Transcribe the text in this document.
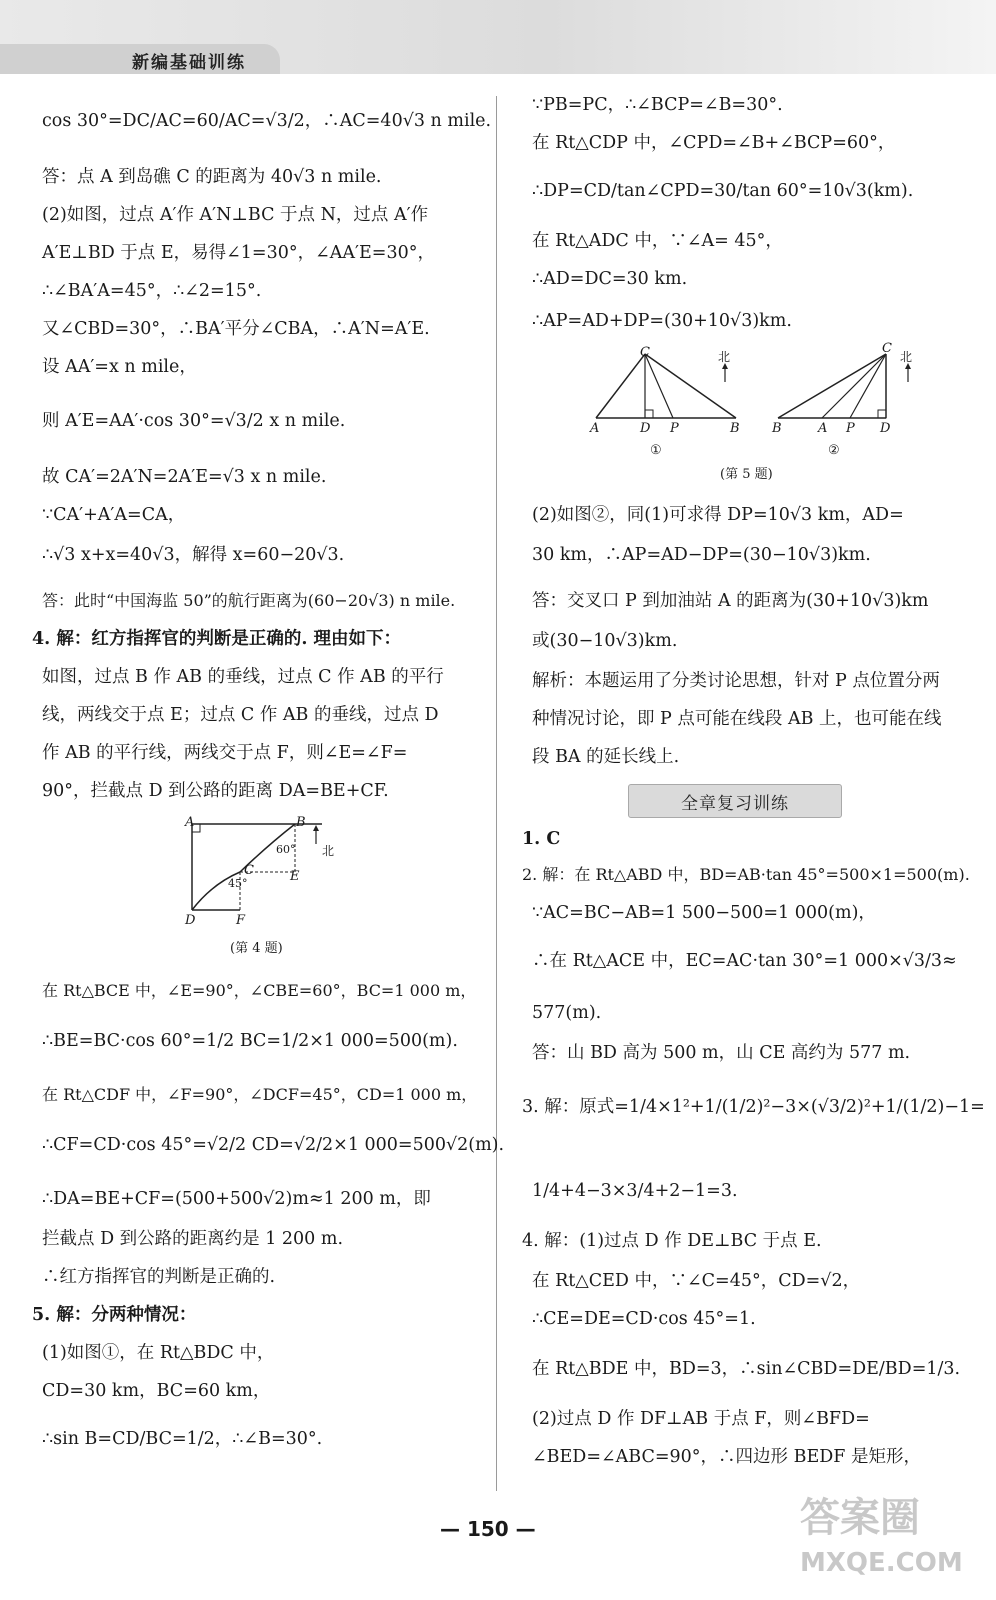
新编基础训练
cos 30°=DC/AC=60/AC=√3/2，∴AC=40√3 n mile.
答：点 A 到岛礁 C 的距离为 40√3 n mile.
(2)如图，过点 A′作 A′N⊥BC 于点 N，过点 A′作
A′E⊥BD 于点 E，易得∠1=30°，∠AA′E=30°，
∴∠BA′A=45°，∴∠2=15°.
又∠CBD=30°，∴BA′平分∠CBA，∴A′N=A′E.
设 AA′=x n mile，
则 A′E=AA′·cos 30°=√3/2 x n mile.
故 CA′=2A′N=2A′E=√3 x n mile.
∵CA′+A′A=CA，
∴√3 x+x=40√3，解得 x=60−20√3.
答：此时“中国海监 50”的航行距离为(60−20√3) n mile.
4. 解：红方指挥官的判断是正确的. 理由如下：
如图，过点 B 作 AB 的垂线，过点 C 作 AB 的平行
线，两线交于点 E；过点 C 作 AB 的垂线，过点 D
作 AB 的平行线，两线交于点 F，则∠E=∠F=
90°，拦截点 D 到公路的距离 DA=BE+CF.
A	B
C
D
E
F
60°
45°
北
(第 4 题)
在 Rt△BCE 中，∠E=90°，∠CBE=60°，BC=1 000 m，
∴BE=BC·cos 60°=1/2 BC=1/2×1 000=500(m).
在 Rt△CDF 中，∠F=90°，∠DCF=45°，CD=1 000 m，
∴CF=CD·cos 45°=√2/2 CD=√2/2×1 000=500√2(m).
∴DA=BE+CF=(500+500√2)m≈1 200 m，即
拦截点 D 到公路的距离约是 1 200 m.
∴红方指挥官的判断是正确的.
5. 解：分两种情况：
(1)如图①，在 Rt△BDC 中，
CD=30 km，BC=60 km，
∴sin B=CD/BC=1/2，∴∠B=30°.
∵PB=PC，∴∠BCP=∠B=30°.
在 Rt△CDP 中，∠CPD=∠B+∠BCP=60°，
∴DP=CD/tan∠CPD=30/tan 60°=10√3(km).
在 Rt△ADC 中，∵∠A= 45°，
∴AD=DC=30 km.
∴AP=AD+DP=(30+10√3)km.
C
A	D P	B
北
①
C
B	A P D
北
②
(第 5 题)
(2)如图②，同(1)可求得 DP=10√3 km，AD=
30 km，∴AP=AD−DP=(30−10√3)km.
答：交叉口 P 到加油站 A 的距离为(30+10√3)km
或(30−10√3)km.
解析：本题运用了分类讨论思想，针对 P 点位置分两
种情况讨论，即 P 点可能在线段 AB 上，也可能在线
段 BA 的延长线上.
1. C
2. 解：在 Rt△ABD 中，BD=AB·tan 45°=500×1=500(m).
∵AC=BC−AB=1 500−500=1 000(m)，
∴在 Rt△ACE 中，EC=AC·tan 30°=1 000×√3/3≈
577(m).
答：山 BD 高为 500 m，山 CE 高约为 577 m.
3. 解：原式=1/4×1²+1/(1/2)²−3×(√3/2)²+1/(1/2)−1=
1/4+4−3×3/4+2−1=3.
4. 解：(1)过点 D 作 DE⊥BC 于点 E.
在 Rt△CED 中，∵∠C=45°，CD=√2，
∴CE=DE=CD·cos 45°=1.
在 Rt△BDE 中，BD=3，∴sin∠CBD=DE/BD=1/3.
(2)过点 D 作 DF⊥AB 于点 F，则∠BFD=
∠BED=∠ABC=90°，∴四边形 BEDF 是矩形，
全章复习训练
— 150 —	答案圈
MXQE.COM
